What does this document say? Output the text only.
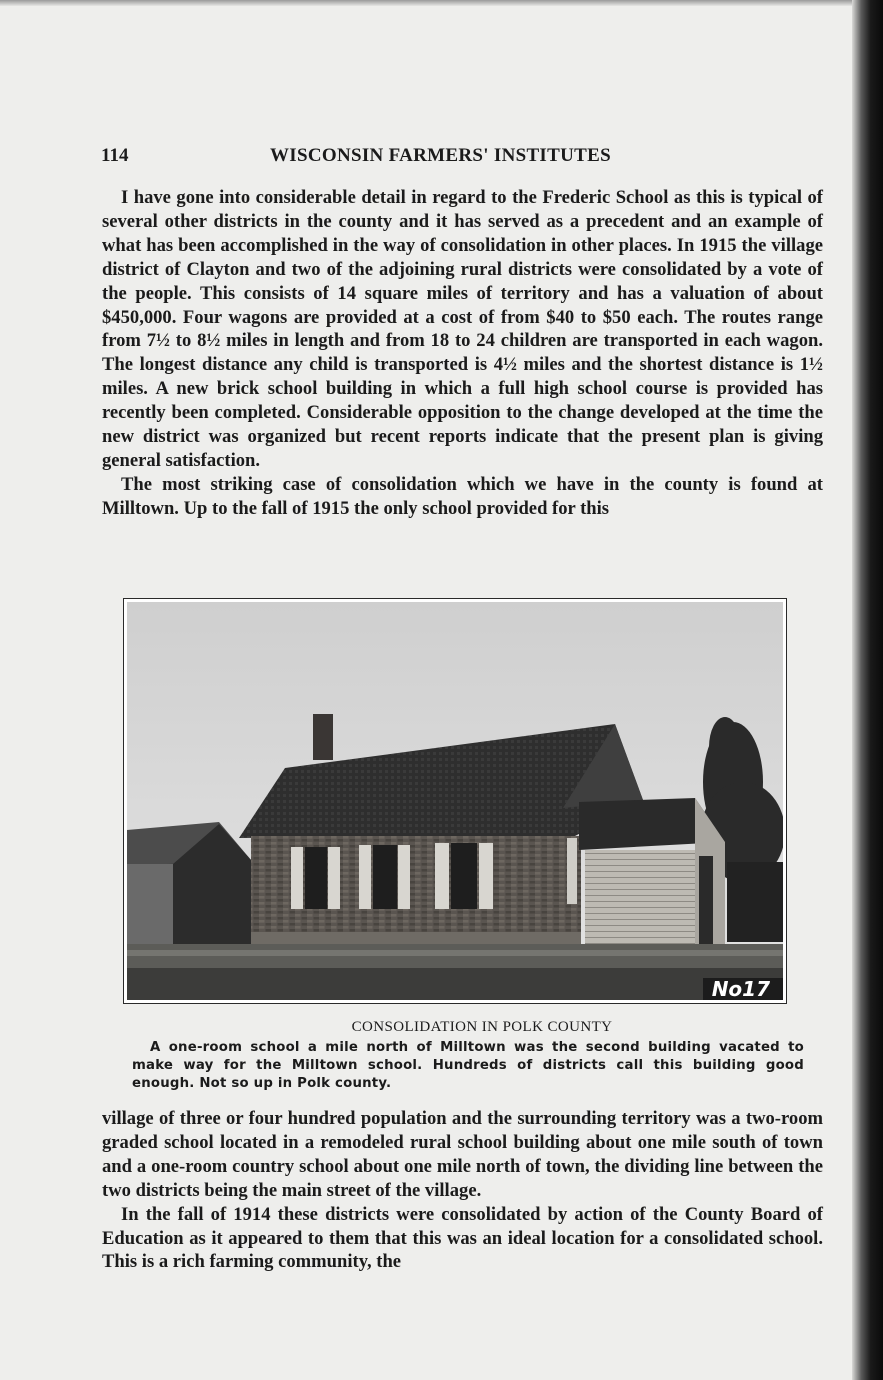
114	WISCONSIN FARMERS' INSTITUTES

I have gone into considerable detail in regard to the Frederic School as this is typical of several other districts in the county and it has served as a precedent and an example of what has been accomplished in the way of consolidation in other places. In 1915 the village district of Clayton and two of the adjoining rural districts were consolidated by a vote of the people. This consists of 14 square miles of territory and has a valuation of about $450,000. Four wagons are provided at a cost of from $40 to $50 each. The routes range from 7½ to 8½ miles in length and from 18 to 24 children are transported in each wagon. The longest distance any child is transported is 4½ miles and the shortest distance is 1½ miles. A new brick school building in which a full high school course is provided has recently been completed. Considerable opposition to the change developed at the time the new district was organized but recent reports indicate that the present plan is giving general satisfaction.

The most striking case of consolidation which we have in the county is found at Milltown. Up to the fall of 1915 the only school provided for this

No17
CONSOLIDATION IN POLK COUNTY

A one-room school a mile north of Milltown was the second building vacated to make way for the Milltown school. Hundreds of districts call this building good enough. Not so up in Polk county.

village of three or four hundred population and the surrounding territory was a two-room graded school located in a remodeled rural school building about one mile south of town and a one-room country school about one mile north of town, the dividing line between the two districts being the main street of the village.

In the fall of 1914 these districts were consolidated by action of the County Board of Education as it appeared to them that this was an ideal location for a consolidated school. This is a rich farming community, the
